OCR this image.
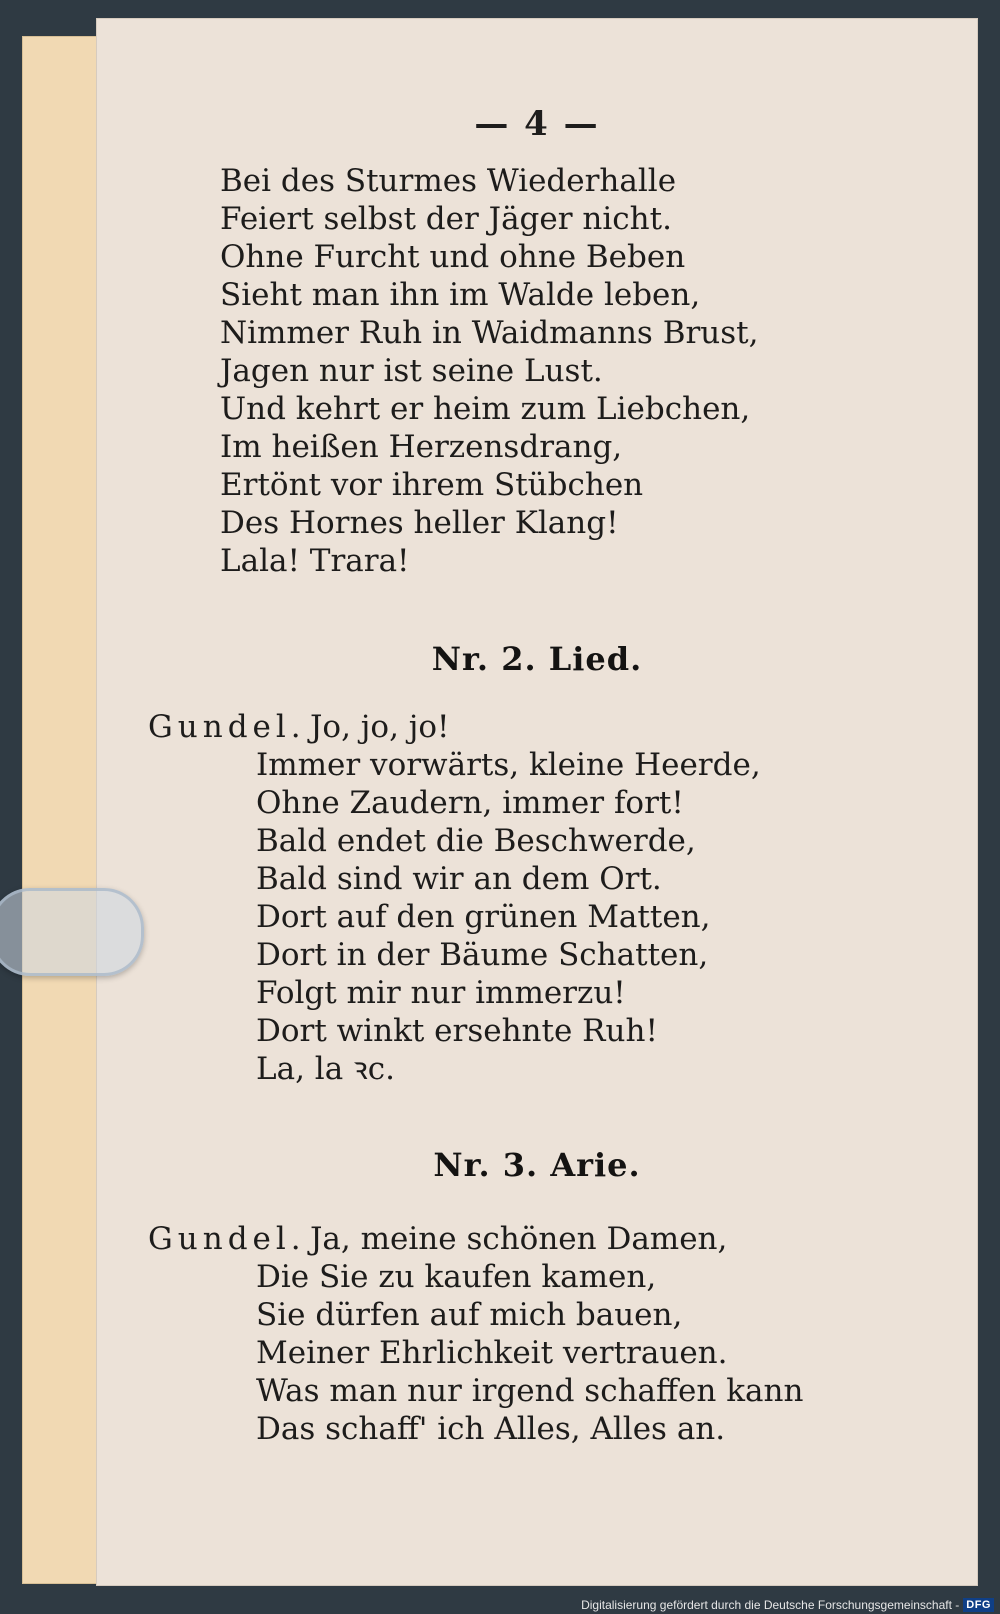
— 4 —
Bei des Sturmes Wiederhalle
Feiert selbst der Jäger nicht.
Ohne Furcht und ohne Beben
Sieht man ihn im Walde leben,
Nimmer Ruh in Waidmanns Brust,
Jagen nur ist seine Lust.
Und kehrt er heim zum Liebchen,
Im heißen Herzensdrang,
Ertönt vor ihrem Stübchen
Des Hornes heller Klang!
Lala! Trara!
Nr. 2. Lied.
Gundel. Jo, jo, jo!
Immer vorwärts, kleine Heerde,
Ohne Zaudern, immer fort!
Bald endet die Beschwerde,
Bald sind wir an dem Ort.
Dort auf den grünen Matten,
Dort in der Bäume Schatten,
Folgt mir nur immerzu!
Dort winkt ersehnte Ruh!
La, la ꝛc.
Nr. 3. Arie.
Gundel. Ja, meine schönen Damen,
Die Sie zu kaufen kamen,
Sie dürfen auf mich bauen,
Meiner Ehrlichkeit vertrauen.
Was man nur irgend schaffen kann
Das schaff' ich Alles, Alles an.
Digitalisierung gefördert durch die Deutsche Forschungsgemeinschaft - DFG
